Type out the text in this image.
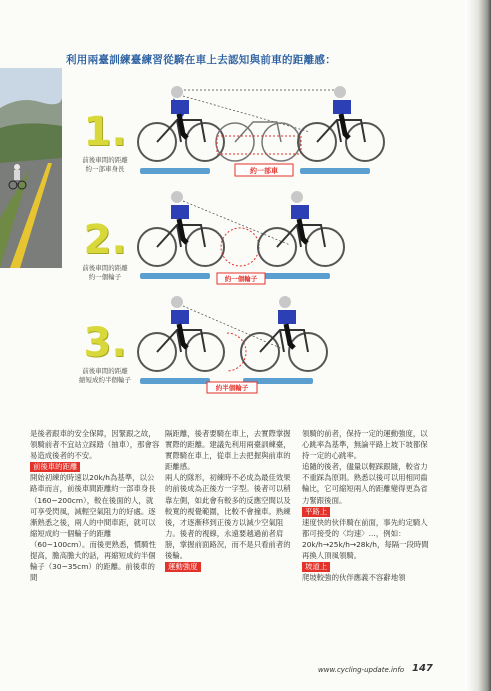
利用兩臺訓練臺練習從騎在車上去認知與前車的距離感：
1.
前後車間的距離
約一部車身長
2.
前後車間的距離
約一個輪子
3.
前後車間的距離
縮短成約半個輪子
約一部車
約一個輪子
約半個輪子

是後者跟車的安全保障，因緊跟之故，領騎前者不宜站立踩踏（抽車），那會容易造成後者的不安。

前後車的距離

開始初練的時速以20k/h為基準，以公路車而言，前後車間距離約一部車身長（160~200cm），較在後面的人，就可享受閃風，減輕空氣阻力的好處。逐漸熟悉之後，兩人的中間車距，就可以縮短成約一個輪子的距離（60~100cm）。而後更熟悉，慣騎性提高，膽高膽大的話，再縮短成約半個輪子（30~35cm）的距離。前後車的間

隔距離，後者要騎在車上，去實際掌握實際的距離。建議先利用兩臺訓練臺，實際騎在車上，從車上去把握與前車的距離感。

兩人的隊形，初練時不必成為最佳效果的前後成為正後方一字型。後者可以稍靠左側，如此會有較多的反應空間以及較寬的視覺範圍，比較不會撞車。熟練後，才逐漸移到正後方以減少空氣阻力。後者的視線，永遠要越過前者肩膀，掌握前面路況，而不是只看前者的後輪。

運動強度

領騎的前者，保持一定的運動強度，以心跳率為基準，無論平路上坡下坡都保持一定的心跳率。

追隨的後者，儘量以輕踩跟隨，較省力不重踩為原則。熟悉以後可以用相同齒輪比，它可縮短兩人的距離變得更為省力緊跟後面。

平路上

速度快的伙伴騎在前面，事先約定騎人都可接受的〈均速〉…，例如：20k/h→25k/h→28k/h，每隔一段時間再換人頂風領騎。

坡道上

爬坡較強的伙伴應義不容辭地領

www.cycling-update.info 147
